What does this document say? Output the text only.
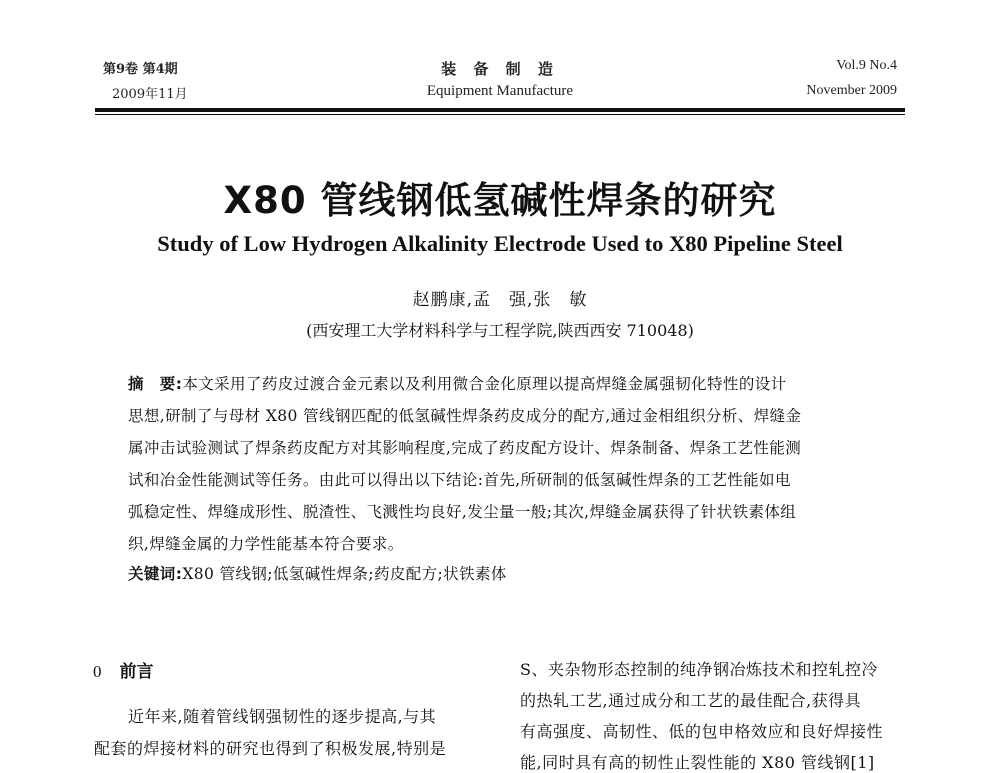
第9卷 第4期
2009年11月
装 备 制 造
Equipment Manufacture
Vol.9 No.4
November 2009
X80 管线钢低氢碱性焊条的研究
Study of Low Hydrogen Alkalinity Electrode Used to X80 Pipeline Steel
赵鹏康,孟　强,张　敏
(西安理工大学材料科学与工程学院,陕西西安 710048)
摘　要:本文采用了药皮过渡合金元素以及利用微合金化原理以提高焊缝金属强韧化特性的设计
思想,研制了与母材 X80 管线钢匹配的低氢碱性焊条药皮成分的配方,通过金相组织分析、焊缝金
属冲击试验测试了焊条药皮配方对其影响程度,完成了药皮配方设计、焊条制备、焊条工艺性能测
试和冶金性能测试等任务。由此可以得出以下结论:首先,所研制的低氢碱性焊条的工艺性能如电
弧稳定性、焊缝成形性、脱渣性、飞溅性均良好,发尘量一般;其次,焊缝金属获得了针状铁素体组
织,焊缝金属的力学性能基本符合要求。
关键词:X80 管线钢;低氢碱性焊条;药皮配方;状铁素体
0 前言
近年来,随着管线钢强韧性的逐步提高,与其
配套的焊接材料的研究也得到了积极发展,特别是
S、夹杂物形态控制的纯净钢冶炼技术和控轧控冷
的热轧工艺,通过成分和工艺的最佳配合,获得具
有高强度、高韧性、低的包申格效应和良好焊接性
能,同时具有高的韧性止裂性能的 X80 管线钢[1]
